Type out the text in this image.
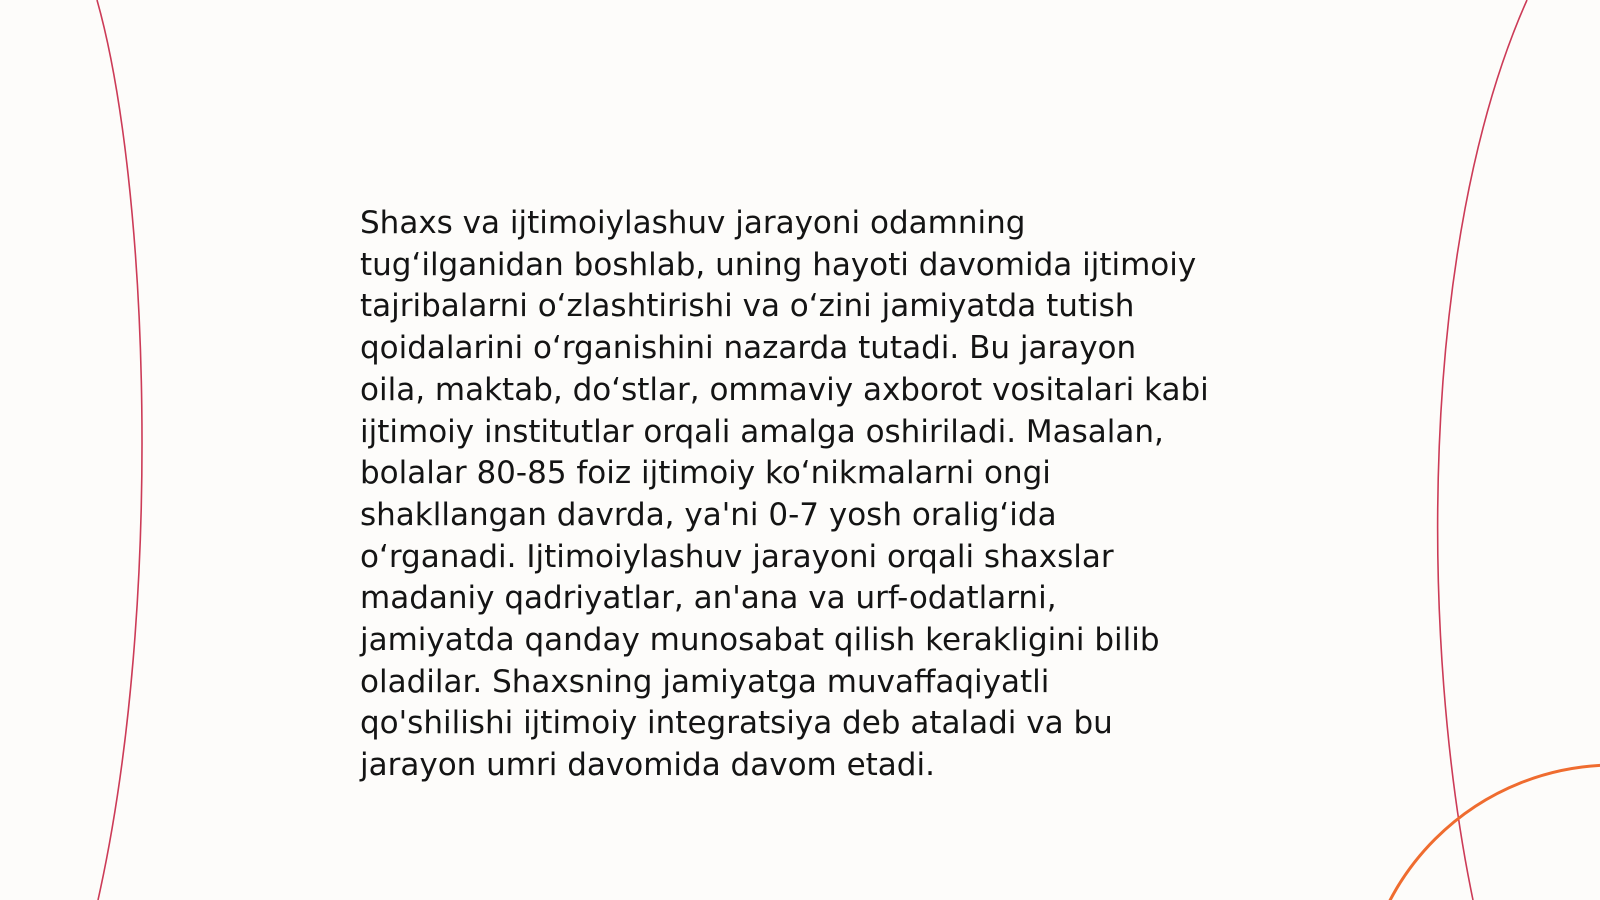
Shaxs va ijtimoiylashuv jarayoni odamning
tug‘ilganidan boshlab, uning hayoti davomida ijtimoiy
tajribalarni o‘zlashtirishi va o‘zini jamiyatda tutish
qoidalarini o‘rganishini nazarda tutadi. Bu jarayon
oila, maktab, do‘stlar, ommaviy axborot vositalari kabi
ijtimoiy institutlar orqali amalga oshiriladi. Masalan,
bolalar 80-85 foiz ijtimoiy ko‘nikmalarni ongi
shakllangan davrda, ya'ni 0-7 yosh oralig‘ida
o‘rganadi. Ijtimoiylashuv jarayoni orqali shaxslar
madaniy qadriyatlar, an'ana va urf-odatlarni,
jamiyatda qanday munosabat qilish kerakligini bilib
oladilar. Shaxsning jamiyatga muvaffaqiyatli
qo'shilishi ijtimoiy integratsiya deb ataladi va bu
jarayon umri davomida davom etadi.
